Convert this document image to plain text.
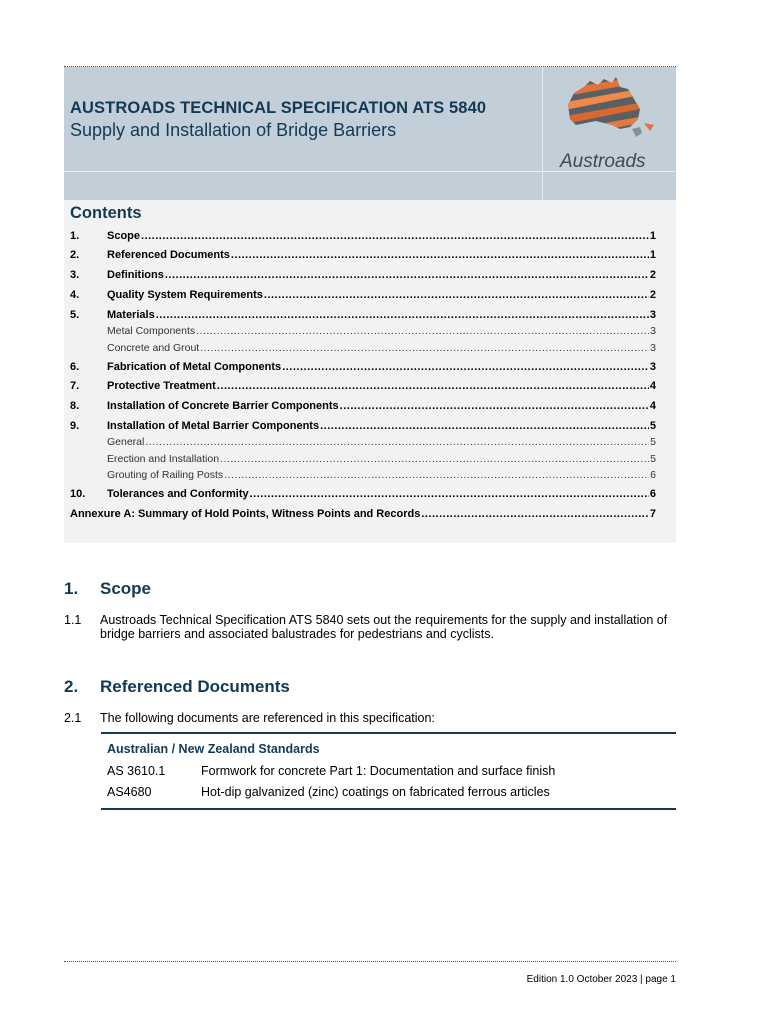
AUSTROADS TECHNICAL SPECIFICATION ATS 5840
Supply and Installation of Bridge Barriers
Austroads
Contents
1.	Scope .....	1
2.	Referenced Documents .....	1
3.	Definitions .....	2
4.	Quality System Requirements .....	2
5.	Materials .....	3
Metal Components .....	3
Concrete and Grout .....	3
6.	Fabrication of Metal Components .....	3
7.	Protective Treatment .....	4
8.	Installation of Concrete Barrier Components .....	4
9.	Installation of Metal Barrier Components .....	5
General .....	5
Erection and Installation .....	5
Grouting of Railing Posts .....	6
10.	Tolerances and Conformity .....	6
Annexure A: Summary of Hold Points, Witness Points and Records .....	7
1. Scope
1.1 Austroads Technical Specification ATS 5840 sets out the requirements for the supply and installation of bridge barriers and associated balustrades for pedestrians and cyclists.
2. Referenced Documents
2.1 The following documents are referenced in this specification:
Australian / New Zealand Standards
AS 3610.1	Formwork for concrete Part 1: Documentation and surface finish
AS4680	Hot-dip galvanized (zinc) coatings on fabricated ferrous articles
Edition 1.0 October 2023 | page 1
